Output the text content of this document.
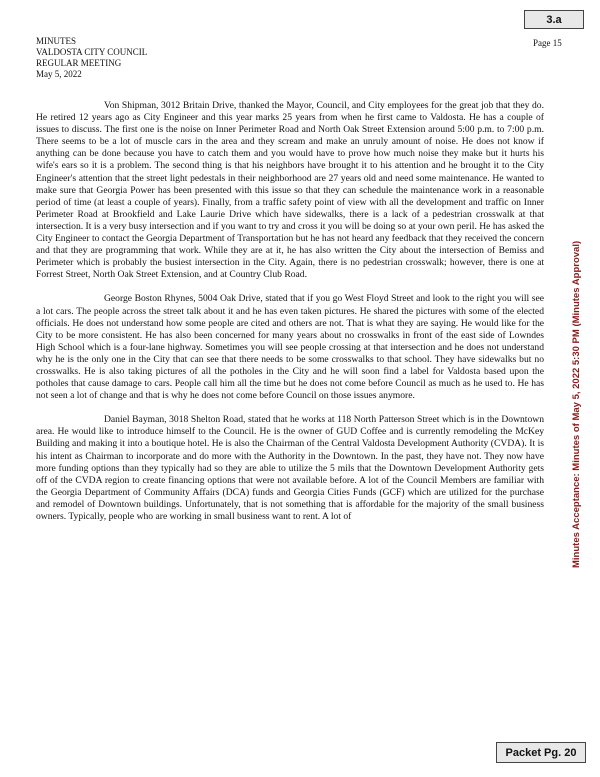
3.a
MINUTES
VALDOSTA CITY COUNCIL
REGULAR MEETING
May 5, 2022
Page 15

Von Shipman, 3012 Britain Drive, thanked the Mayor, Council, and City employees for the great job that they do. He retired 12 years ago as City Engineer and this year marks 25 years from when he first came to Valdosta. He has a couple of issues to discuss. The first one is the noise on Inner Perimeter Road and North Oak Street Extension around 5:00 p.m. to 7:00 p.m. There seems to be a lot of muscle cars in the area and they scream and make an unruly amount of noise. He does not know if anything can be done because you have to catch them and you would have to prove how much noise they make but it hurts his wife's ears so it is a problem. The second thing is that his neighbors have brought it to his attention and he brought it to the City Engineer's attention that the street light pedestals in their neighborhood are 27 years old and need some maintenance. He wanted to make sure that Georgia Power has been presented with this issue so that they can schedule the maintenance work in a reasonable period of time (at least a couple of years). Finally, from a traffic safety point of view with all the development and traffic on Inner Perimeter Road at Brookfield and Lake Laurie Drive which have sidewalks, there is a lack of a pedestrian crosswalk at that intersection. It is a very busy intersection and if you want to try and cross it you will be doing so at your own peril. He has asked the City Engineer to contact the Georgia Department of Transportation but he has not heard any feedback that they received the concern and that they are programming that work. While they are at it, he has also written the City about the intersection of Bemiss and Perimeter which is probably the busiest intersection in the City. Again, there is no pedestrian crosswalk; however, there is one at Forrest Street, North Oak Street Extension, and at Country Club Road.

George Boston Rhynes, 5004 Oak Drive, stated that if you go West Floyd Street and look to the right you will see a lot cars. The people across the street talk about it and he has even taken pictures. He shared the pictures with some of the elected officials. He does not understand how some people are cited and others are not. That is what they are saying. He would like for the City to be more consistent. He has also been concerned for many years about no crosswalks in front of the east side of Lowndes High School which is a four-lane highway. Sometimes you will see people crossing at that intersection and he does not understand why he is the only one in the City that can see that there needs to be some crosswalks to that school. They have sidewalks but no crosswalks. He is also taking pictures of all the potholes in the City and he will soon find a label for Valdosta based upon the potholes that cause damage to cars. People call him all the time but he does not come before Council as much as he used to. He has not seen a lot of change and that is why he does not come before Council on those issues anymore.

Daniel Bayman, 3018 Shelton Road, stated that he works at 118 North Patterson Street which is in the Downtown area. He would like to introduce himself to the Council. He is the owner of GUD Coffee and is currently remodeling the McKey Building and making it into a boutique hotel. He is also the Chairman of the Central Valdosta Development Authority (CVDA). It is his intent as Chairman to incorporate and do more with the Authority in the Downtown. In the past, they have not. They now have more funding options than they typically had so they are able to utilize the 5 mils that the Downtown Development Authority gets off of the CVDA region to create financing options that were not available before. A lot of the Council Members are familiar with the Georgia Department of Community Affairs (DCA) funds and Georgia Cities Funds (GCF) which are utilized for the purchase and remodel of Downtown buildings. Unfortunately, that is not something that is affordable for the majority of the small business owners. Typically, people who are working in small business want to rent. A lot of	Minutes Acceptance: Minutes of May 5, 2022 5:30 PM (Minutes Approval)
Packet Pg. 20
